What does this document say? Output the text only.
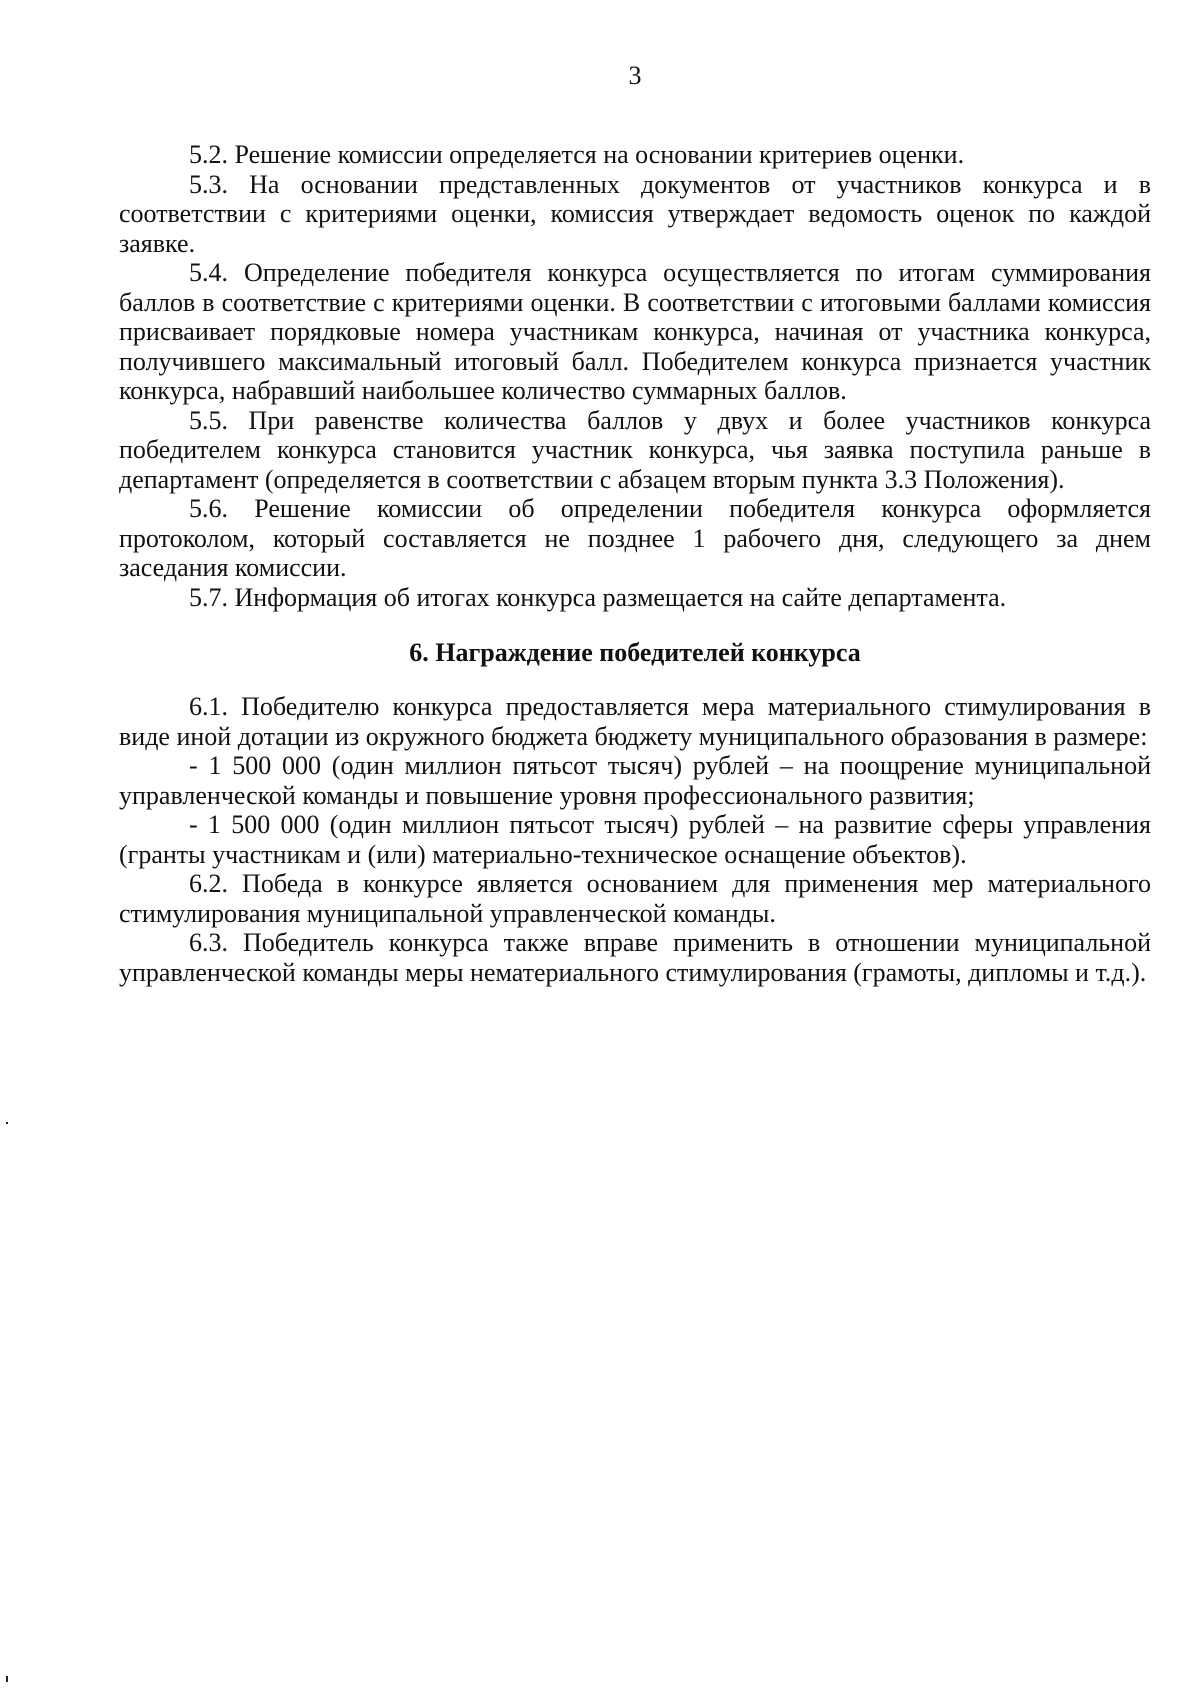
3

5.2. Решение комиссии определяется на основании критериев оценки.

5.3. На основании представленных документов от участников конкурса и в соответствии с критериями оценки, комиссия утверждает ведомость оценок по каждой заявке.

5.4. Определение победителя конкурса осуществляется по итогам суммирования баллов в соответствие с критериями оценки. В соответствии с итоговыми баллами комиссия присваивает порядковые номера участникам конкурса, начиная от участника конкурса, получившего максимальный итоговый балл. Победителем конкурса признается участник конкурса, набравший наибольшее количество суммарных баллов.

5.5. При равенстве количества баллов у двух и более участников конкурса победителем конкурса становится участник конкурса, чья заявка поступила раньше в департамент (определяется в соответствии с абзацем вторым пункта 3.3 Положения).

5.6. Решение комиссии об определении победителя конкурса оформляется протоколом, который составляется не позднее 1 рабочего дня, следующего за днем заседания комиссии.

5.7. Информация об итогах конкурса размещается на сайте департамента.

6. Награждение победителей конкурса

6.1. Победителю конкурса предоставляется мера материального стимулирования в виде иной дотации из окружного бюджета бюджету муниципального образования в размере:

- 1 500 000 (один миллион пятьсот тысяч) рублей – на поощрение муниципальной управленческой команды и повышение уровня профессионального развития;

- 1 500 000 (один миллион пятьсот тысяч) рублей – на развитие сферы управления (гранты участникам и (или) материально-техническое оснащение объектов).

6.2. Победа в конкурсе является основанием для применения мер материального стимулирования муниципальной управленческой команды.

6.3. Победитель конкурса также вправе применить в отношении муниципальной управленческой команды меры нематериального стимулирования (грамоты, дипломы и т.д.).
